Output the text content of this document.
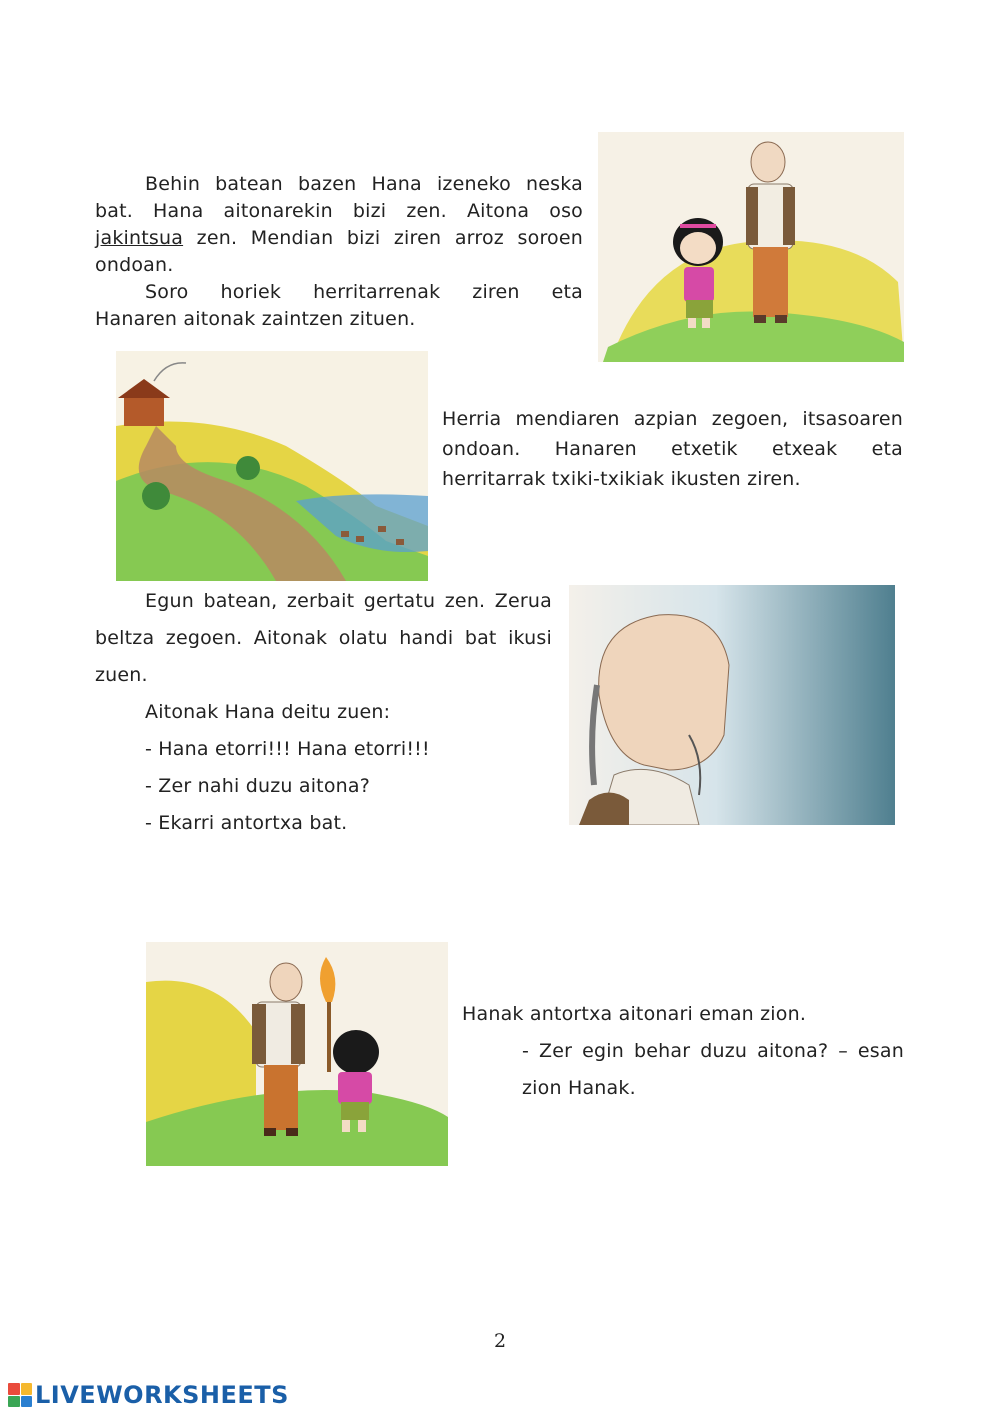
Behin batean bazen Hana izeneko neska
bat. Hana aitonarekin bizi zen. Aitona oso
jakintsua zen. Mendian bizi ziren arroz soroen
ondoan.
Soro horiek herritarrenak ziren eta
Hanaren aitonak zaintzen zituen.
Herria mendiaren azpian zegoen, itsasoaren
ondoan. Hanaren etxetik etxeak eta
herritarrak txiki-txikiak ikusten ziren.
Egun batean, zerbait gertatu zen. Zerua
beltza zegoen. Aitonak olatu handi bat ikusi
zuen.
Aitonak Hana deitu zuen:
- Hana etorri!!! Hana etorri!!!
- Zer nahi duzu aitona?
- Ekarri antortxa bat.
Hanak antortxa aitonari eman zion.
- Zer egin behar duzu aitona? – esan
zion Hanak.
2
LIVEWORKSHEETS
